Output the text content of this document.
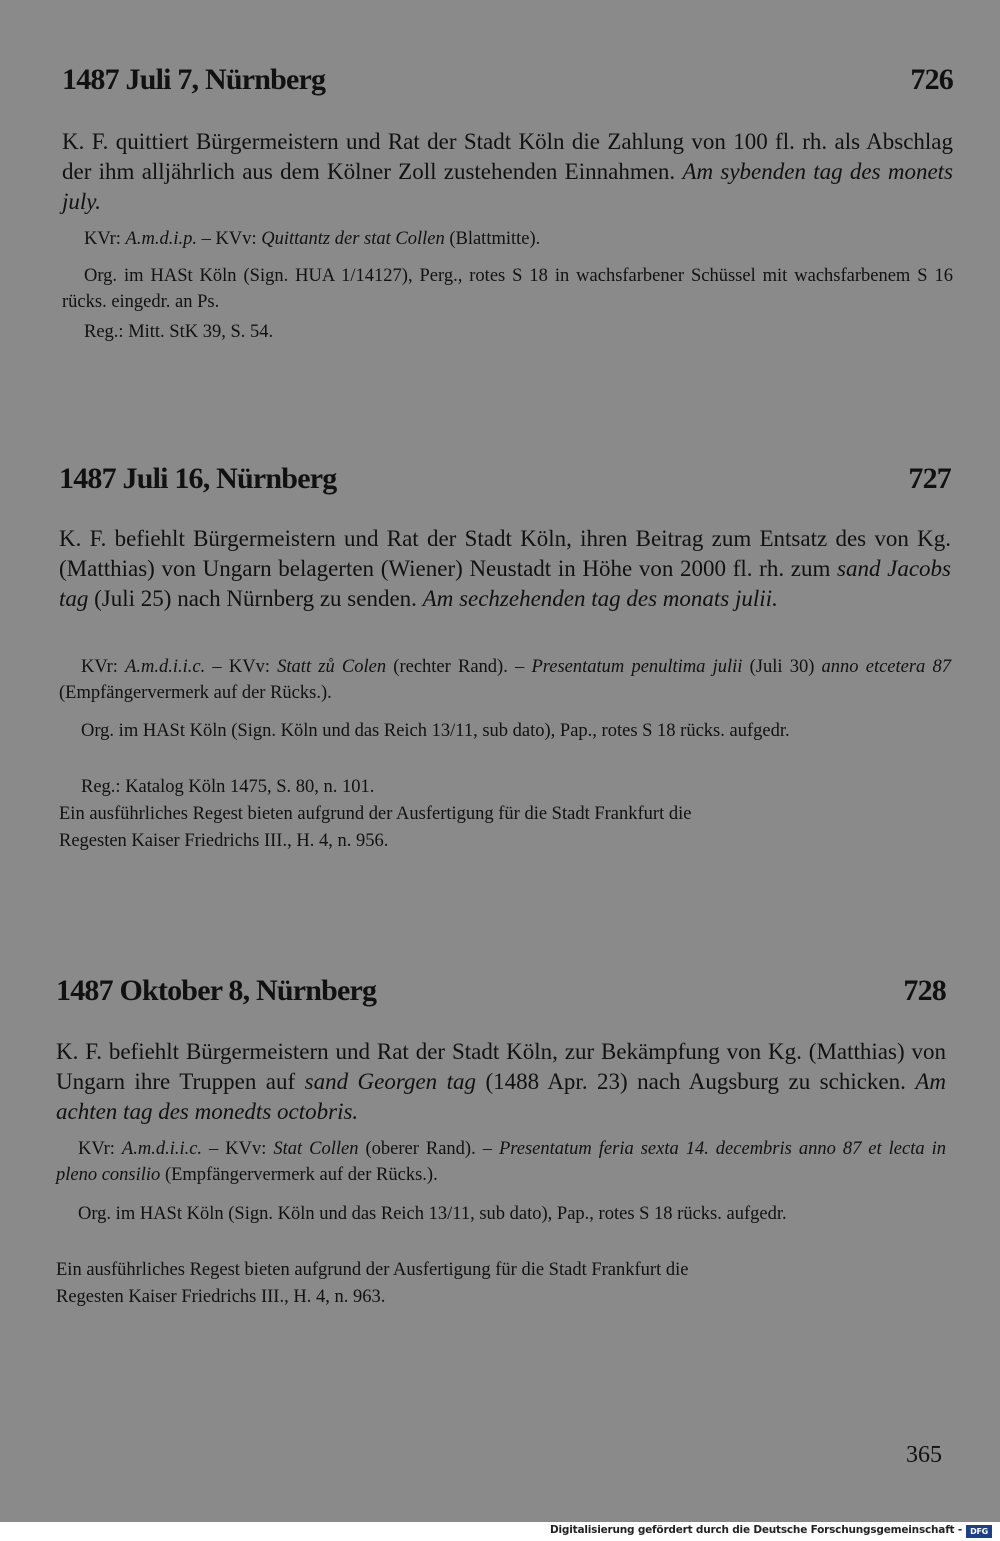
1487 Juli 7, Nürnberg	726

K. F. quittiert Bürgermeistern und Rat der Stadt Köln die Zahlung von 100 fl. rh. als Abschlag der ihm alljährlich aus dem Kölner Zoll zustehenden Einnahmen. Am sybenden tag des monets july.

KVr: A.m.d.i.p. – KVv: Quittantz der stat Collen (Blattmitte).

Org. im HASt Köln (Sign. HUA 1/14127), Perg., rotes S 18 in wachsfarbener Schüssel mit wachsfarbenem S 16 rücks. eingedr. an Ps.

Reg.: Mitt. StK 39, S. 54.

1487 Juli 16, Nürnberg	727

K. F. befiehlt Bürgermeistern und Rat der Stadt Köln, ihren Beitrag zum Entsatz des von Kg. (Matthias) von Ungarn belagerten (Wiener) Neustadt in Höhe von 2000 fl. rh. zum sand Jacobs tag (Juli 25) nach Nürnberg zu senden. Am sechzehenden tag des monats julii.

KVr: A.m.d.i.i.c. – KVv: Statt zů Colen (rechter Rand). – Presentatum penultima julii (Juli 30) anno etcetera 87 (Empfängervermerk auf der Rücks.).

Org. im HASt Köln (Sign. Köln und das Reich 13/11, sub dato), Pap., rotes S 18 rücks. aufgedr.

Reg.: Katalog Köln 1475, S. 80, n. 101.

Ein ausführliches Regest bieten aufgrund der Ausfertigung für die Stadt Frankfurt die
Regesten Kaiser Friedrichs III., H. 4, n. 956.
1487 Oktober 8, Nürnberg	728

K. F. befiehlt Bürgermeistern und Rat der Stadt Köln, zur Bekämpfung von Kg. (Matthias) von Ungarn ihre Truppen auf sand Georgen tag (1488 Apr. 23) nach Augsburg zu schicken. Am achten tag des monedts octobris.

KVr: A.m.d.i.i.c. – KVv: Stat Collen (oberer Rand). – Presentatum feria sexta 14. decembris anno 87 et lecta in pleno consilio (Empfängervermerk auf der Rücks.).

Org. im HASt Köln (Sign. Köln und das Reich 13/11, sub dato), Pap., rotes S 18 rücks. aufgedr.

Ein ausführliches Regest bieten aufgrund der Ausfertigung für die Stadt Frankfurt die
Regesten Kaiser Friedrichs III., H. 4, n. 963.
365
Digitalisierung gefördert durch die Deutsche Forschungsgemeinschaft -	DFG
